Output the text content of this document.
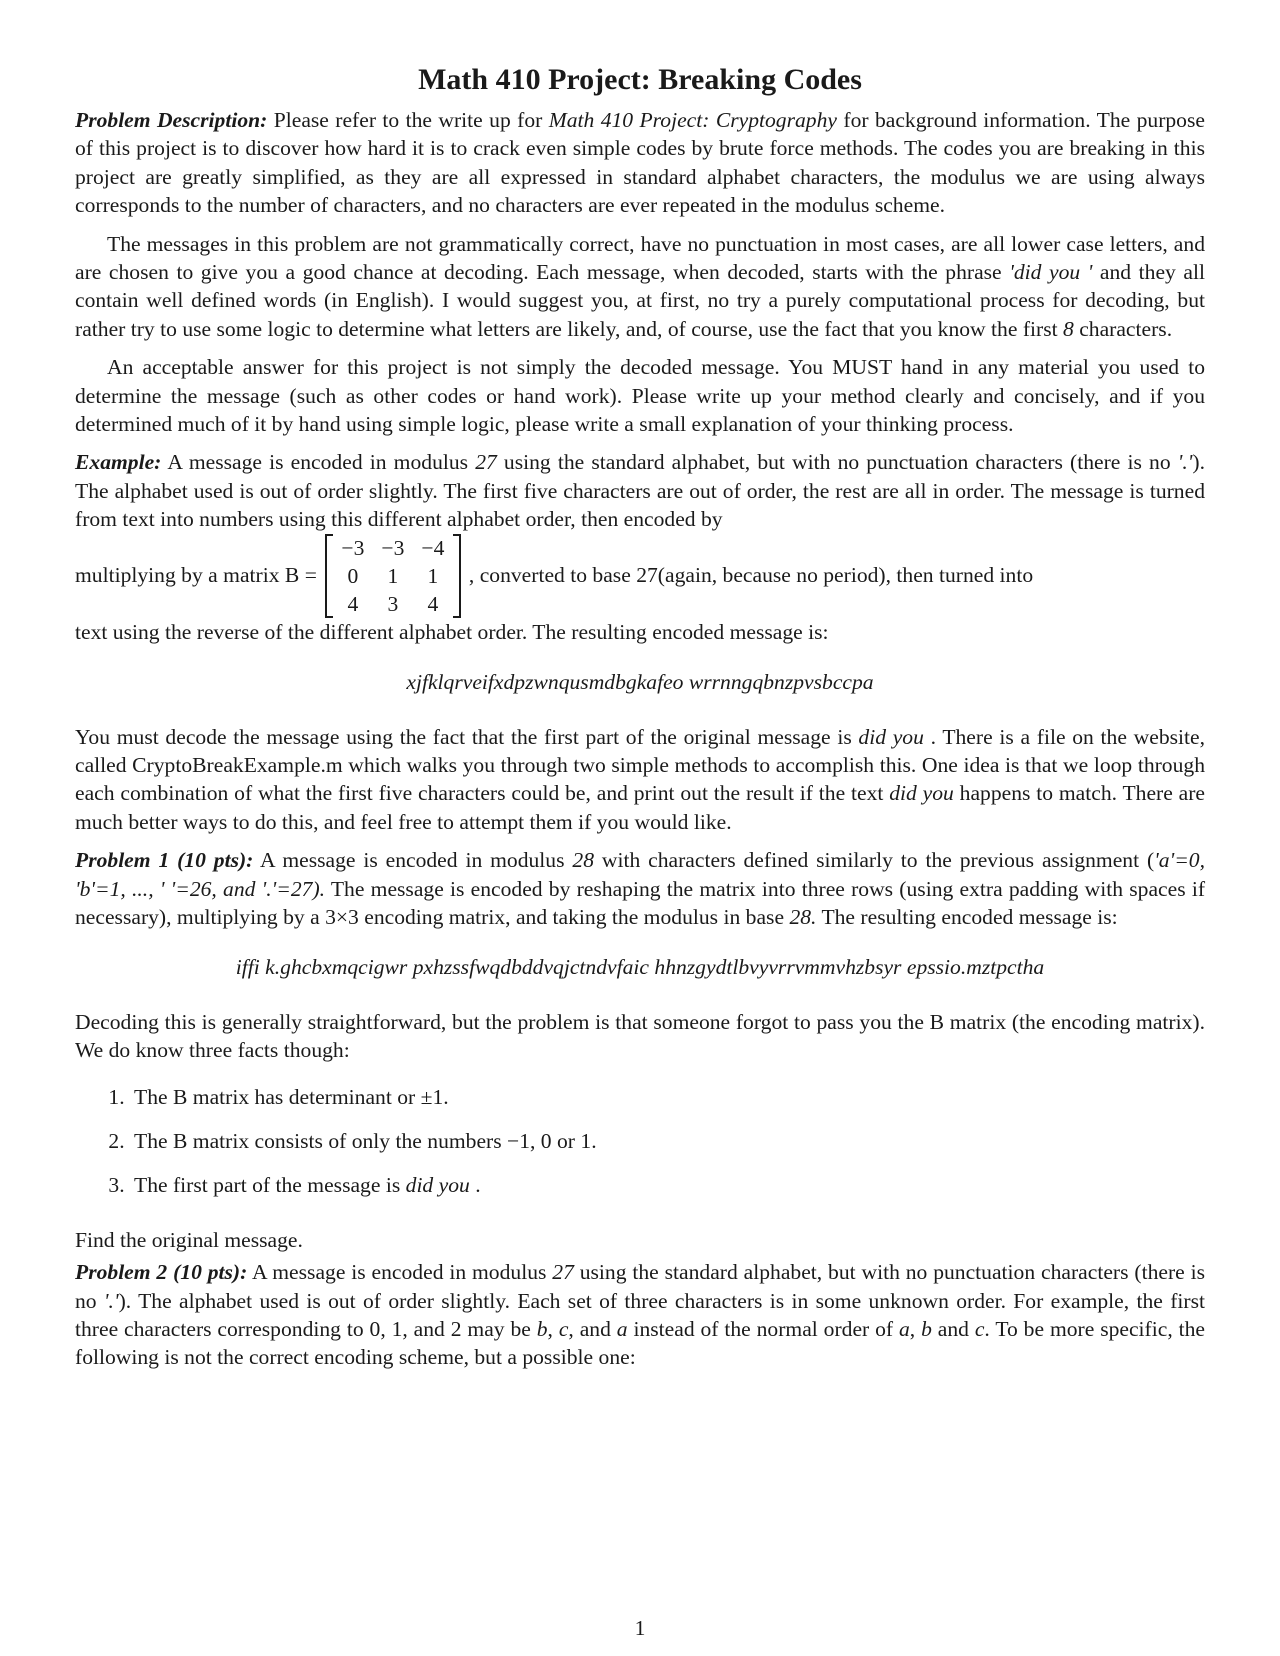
Math 410 Project: Breaking Codes

Problem Description: Please refer to the write up for Math 410 Project: Cryptography for background information. The purpose of this project is to discover how hard it is to crack even simple codes by brute force methods. The codes you are breaking in this project are greatly simplified, as they are all expressed in standard alphabet characters, the modulus we are using always corresponds to the number of characters, and no characters are ever repeated in the modulus scheme.

The messages in this problem are not grammatically correct, have no punctuation in most cases, are all lower case letters, and are chosen to give you a good chance at decoding. Each message, when decoded, starts with the phrase 'did you ' and they all contain well defined words (in English). I would suggest you, at first, no try a purely computational process for decoding, but rather try to use some logic to determine what letters are likely, and, of course, use the fact that you know the first 8 characters.

An acceptable answer for this project is not simply the decoded message. You MUST hand in any material you used to determine the message (such as other codes or hand work). Please write up your method clearly and concisely, and if you determined much of it by hand using simple logic, please write a small explanation of your thinking process.

Example: A message is encoded in modulus 27 using the standard alphabet, but with no punctuation characters (there is no '.'). The alphabet used is out of order slightly. The first five characters are out of order, the rest are all in order. The message is turned from text into numbers using this different alphabet order, then encoded by

multiplying by a matrix B =
−3 −3 −4
0	1	1
4	3	4
, converted to base 27(again, because no period), then turned into

text using the reverse of the different alphabet order. The resulting encoded message is:

xjfklqrveifxdpzwnqusmdbgkafeo wrrnngqbnzpvsbccpa

You must decode the message using the fact that the first part of the original message is did you . There is a file on the website, called CryptoBreakExample.m which walks you through two simple methods to accomplish this. One idea is that we loop through each combination of what the first five characters could be, and print out the result if the text did you happens to match. There are much better ways to do this, and feel free to attempt them if you would like.

Problem 1 (10 pts): A message is encoded in modulus 28 with characters defined similarly to the previous assignment ('a'=0, 'b'=1, ..., ' '=26, and '.'=27). The message is encoded by reshaping the matrix into three rows (using extra padding with spaces if necessary), multiplying by a 3×3 encoding matrix, and taking the modulus in base 28. The resulting encoded message is:

iffi k.ghcbxmqcigwr pxhzssfwqdbddvqjctndvfaic hhnzgydtlbvyvrrvmmvhzbsyr epssio.mztpctha

Decoding this is generally straightforward, but the problem is that someone forgot to pass you the B matrix (the encoding matrix). We do know three facts though:

1. The B matrix has determinant or ±1.
2. The B matrix consists of only the numbers −1, 0 or 1.
3. The first part of the message is did you .

Find the original message.

Problem 2 (10 pts): A message is encoded in modulus 27 using the standard alphabet, but with no punctuation characters (there is no '.'). The alphabet used is out of order slightly. Each set of three characters is in some unknown order. For example, the first three characters corresponding to 0, 1, and 2 may be b, c, and a instead of the normal order of a, b and c. To be more specific, the following is not the correct encoding scheme, but a possible one:

1
